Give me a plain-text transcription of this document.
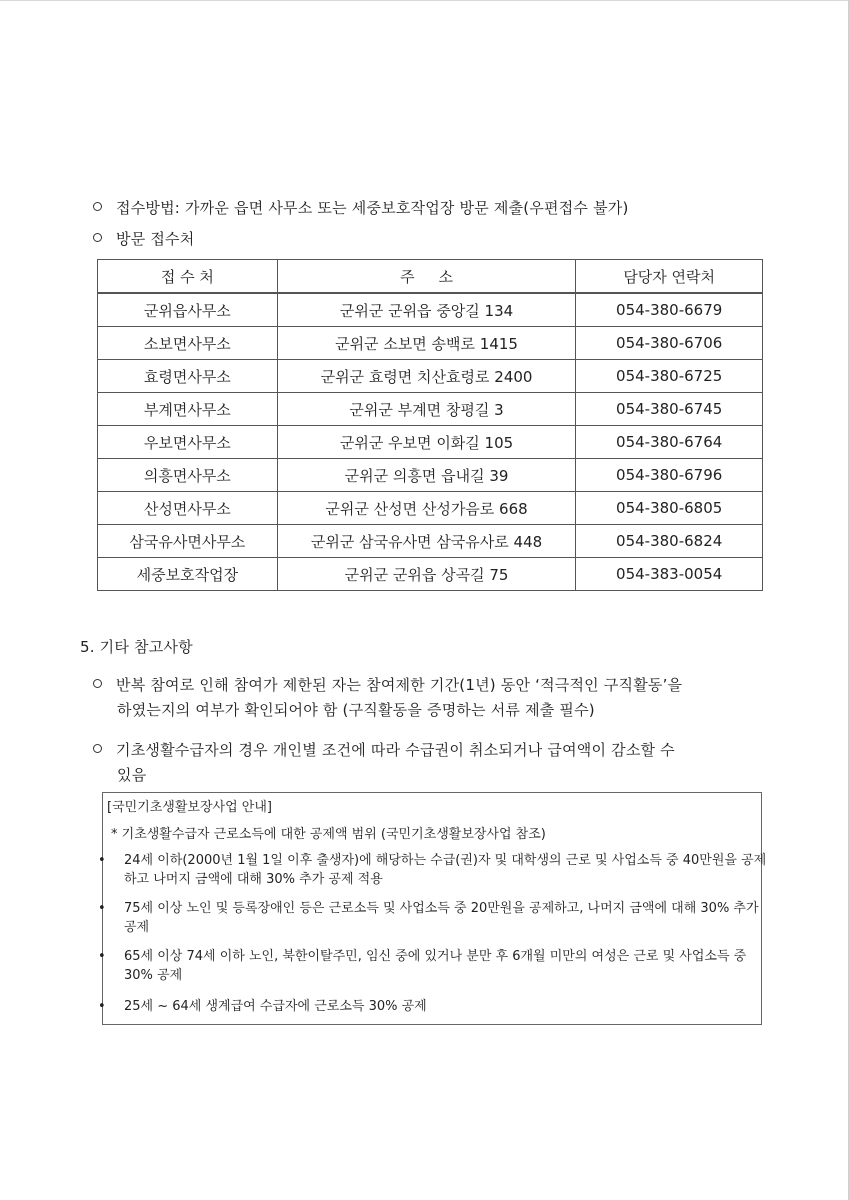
접수방법: 가까운 읍면 사무소 또는 세중보호작업장 방문 제출(우편접수 불가)
방문 접수처
접 수 처	주     소	담당자 연락처
군위읍사무소	군위군 군위읍 중앙길 134	054-380-6679
소보면사무소	군위군 소보면 송백로 1415	054-380-6706
효령면사무소	군위군 효령면 치산효령로 2400	054-380-6725
부계면사무소	군위군 부계면 창평길 3	054-380-6745
우보면사무소	군위군 우보면 이화길 105	054-380-6764
의흥면사무소	군위군 의흥면 읍내길 39	054-380-6796
산성면사무소	군위군 산성면 산성가음로 668	054-380-6805
삼국유사면사무소	군위군 삼국유사면 삼국유사로 448	054-380-6824
세중보호작업장	군위군 군위읍 상곡길 75	054-383-0054
5. 기타 참고사항
반복 참여로 인해 참여가 제한된 자는 참여제한 기간(1년) 동안 ‘적극적인 구직활동’을
하였는지의 여부가 확인되어야 함 (구직활동을 증명하는 서류 제출 필수)
기초생활수급자의 경우 개인별 조건에 따라 수급권이 취소되거나 급여액이 감소할 수
있음
[국민기초생활보장사업 안내]
* 기초생활수급자 근로소득에 대한 공제액 범위 (국민기초생활보장사업 참조)
• 24세 이하(2000년 1월 1일 이후 출생자)에 해당하는 수급(권)자 및 대학생의 근로 및 사업소득 중 40만원을 공제하고 나머지 금액에 대해 30% 추가 공제 적용
• 75세 이상 노인 및 등록장애인 등은 근로소득 및 사업소득 중 20만원을 공제하고, 나머지 금액에 대해 30% 추가 공제
• 65세 이상 74세 이하 노인, 북한이탈주민, 임신 중에 있거나 분만 후 6개월 미만의 여성은 근로 및 사업소득 중 30% 공제
• 25세 ~ 64세 생계급여 수급자에 근로소득 30% 공제
